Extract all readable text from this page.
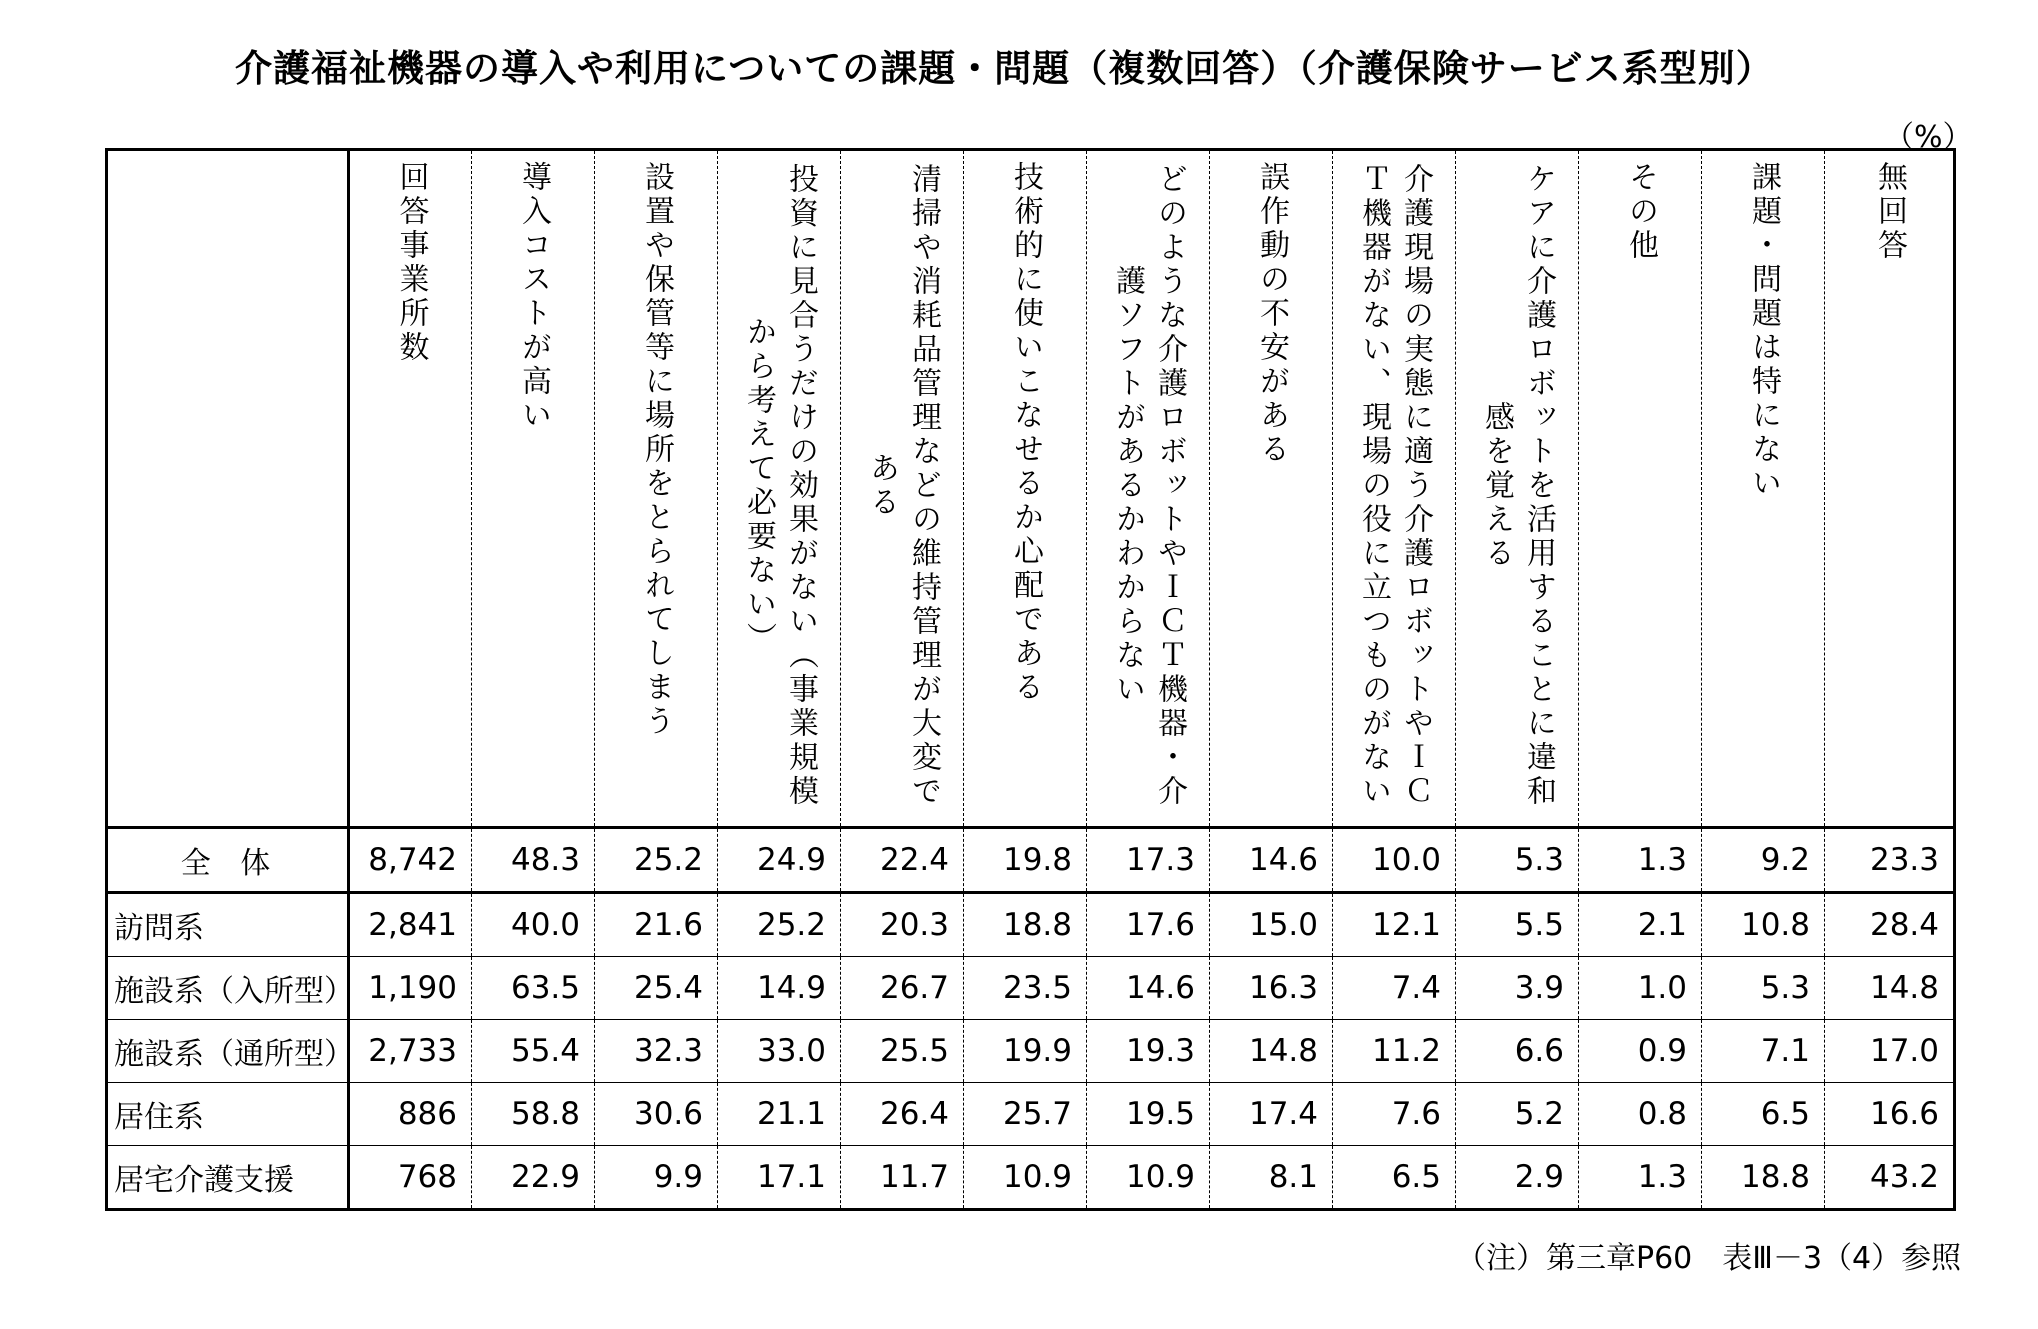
介護福祉機器の導入や利用についての課題・問題（複数回答）（介護保険サービス系型別）
（%）

	回答事業所数	導入コストが高い	設置や保管等に場所をとられてしまう	投資に見合うだけの効果がない（事業規模から考えて必要ない）	清掃や消耗品管理などの維持管理が大変である	技術的に使いこなせるか心配である	どのような介護ロボットやＩＣＴ機器・介護ソフトがあるかわからない	誤作動の不安がある	介護現場の実態に適う介護ロボットやＩＣＴ機器がない、現場の役に立つものがない	ケアに介護ロボットを活用することに違和感を覚える	その他	課題・問題は特にない	無回答

全 体	8,742	48.3	25.2	24.9	22.4	19.8	17.3	14.6	10.0	5.3	1.3	9.2	23.3
訪問系	2,841	40.0	21.6	25.2	20.3	18.8	17.6	15.0	12.1	5.5	2.1	10.8	28.4
施設系（入所型）	1,190	63.5	25.4	14.9	26.7	23.5	14.6	16.3	7.4	3.9	1.0	5.3	14.8
施設系（通所型）	2,733	55.4	32.3	33.0	25.5	19.9	19.3	14.8	11.2	6.6	0.9	7.1	17.0
居住系	886	58.8	30.6	21.1	26.4	25.7	19.5	17.4	7.6	5.2	0.8	6.5	16.6
居宅介護支援	768	22.9	9.9	17.1	11.7	10.9	10.9	8.1	6.5	2.9	1.3	18.8	43.2
（注）第三章P60　表Ⅲ－3（4）参照
